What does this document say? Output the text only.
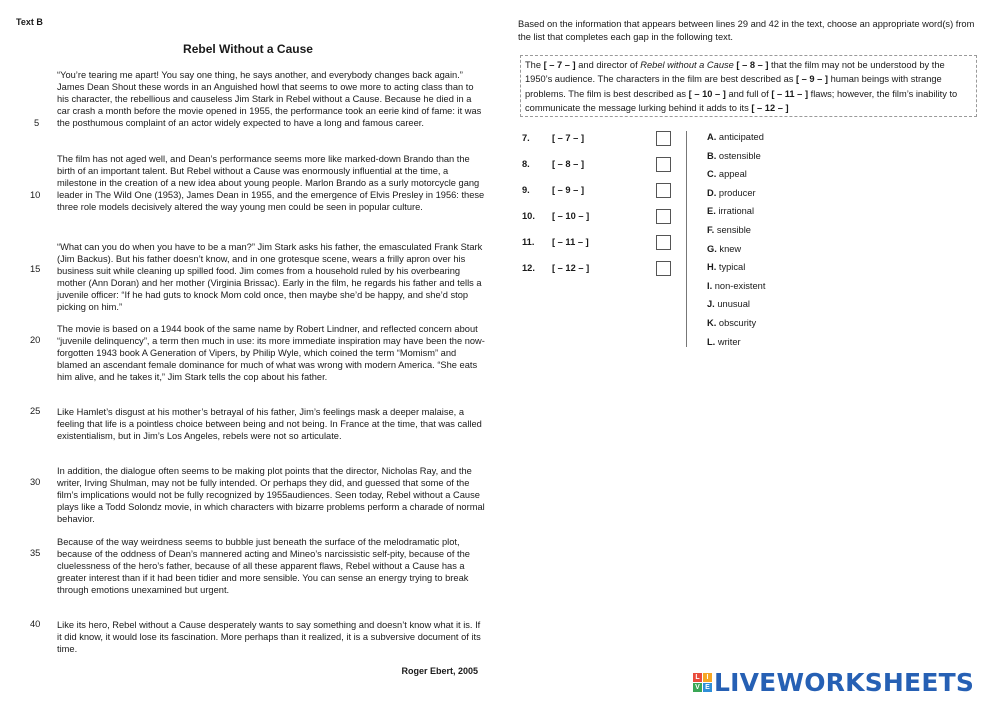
Text B
Rebel Without a Cause
“You’re tearing me apart! You say one thing, he says another, and everybody changes back again.” James Dean Shout these words in an Anguished howl that seems to owe more to acting class than to his character, the rebellious and causeless Jim Stark in Rebel without a Cause. Because he died in a car crash a month before the movie opened in 1955, the performance took an eerie kind of fame: it was the posthumous complaint of an actor widely expected to have a long and famous career.
The film has not aged well, and Dean’s performance seems more like marked-down Brando than the birth of an important talent. But Rebel without a Cause was enormously influential at the time, a milestone in the creation of a new idea about young people. Marlon Brando as a surly motorcycle gang leader in The Wild One (1953), James Dean in 1955, and the emergence of Elvis Presley in 1956: these three role models decisively altered the way young men could be seen in popular culture.
“What can you do when you have to be a man?” Jim Stark asks his father, the emasculated Frank Stark (Jim Backus). But his father doesn’t know, and in one grotesque scene, wears a frilly apron over his business suit while cleaning up spilled food. Jim comes from a household ruled by his overbearing mother (Ann Doran) and her mother (Virginia Brissac). Early in the film, he regards his father and tells a juvenile officer: “If he had guts to knock Mom cold once, then maybe she’d be happy, and she’d stop picking on him.”
The movie is based on a 1944 book of the same name by Robert Lindner, and reflected concern about “juvenile delinquency”, a term then much in use: its more immediate inspiration may have been the now-forgotten 1943 book A Generation of Vipers, by Philip Wyle, which coined the term “Momism” and blamed an ascendant female dominance for much of what was wrong with modern America. “She eats him alive, and he takes it,” Jim Stark tells the cop about his father.
Like Hamlet’s disgust at his mother’s betrayal of his father, Jim’s feelings mask a deeper malaise, a feeling that life is a pointless choice between being and not being. In France at the time, that was called existentialism, but in Jim’s Los Angeles, rebels were not so articulate.
In addition, the dialogue often seems to be making plot points that the director, Nicholas Ray, and the writer, Irving Shulman, may not be fully intended. Or perhaps they did, and guessed that some of the film’s implications would not be fully recognized by 1955audiences. Seen today, Rebel without a Cause plays like a Todd Solondz movie, in which characters with bizarre problems perform a charade of normal behavior.
Because of the way weirdness seems to bubble just beneath the surface of the melodramatic plot, because of the oddness of Dean’s mannered acting and Mineo’s narcissistic self-pity, because of the cluelessness of the hero’s father, because of all these apparent flaws, Rebel without a Cause has a greater interest than if it had been tidier and more sensible. You can sense an energy trying to break through emotions unexamined but urgent.
Like its hero, Rebel without a Cause desperately wants to say something and doesn’t know what it is. If it did know, it would lose its fascination. More perhaps than it realized, it is a subversive document of its time.
5
10
15
20
25
30
35
40
Roger Ebert, 2005
Based on the information that appears between lines 29 and 42 in the text, choose an appropriate word(s) from the list that completes each gap in the following text.
The [ – 7 – ] and director of Rebel without a Cause [ – 8 – ] that the film may not be understood by the 1950’s audience. The characters in the film are best described as [ – 9 – ] human beings with strange problems. The film is best described as [ – 10 – ] and full of [ – 11 – ] flaws; however, the film’s inability to communicate the message lurking behind it adds to its [ – 12 – ]
7. [ – 7 – ]
8. [ – 8 – ]
9. [ – 9 – ]
10. [ – 10 – ]
11. [ – 11 – ]
12. [ – 12 – ]
A. anticipated
B. ostensible
C. appeal
D. producer
E. irrational
F. sensible
G. knew
H. typical
I. non-existent
J. unusual
K. obscurity
L. writer
L I
V E LIVEWORKSHEETS
